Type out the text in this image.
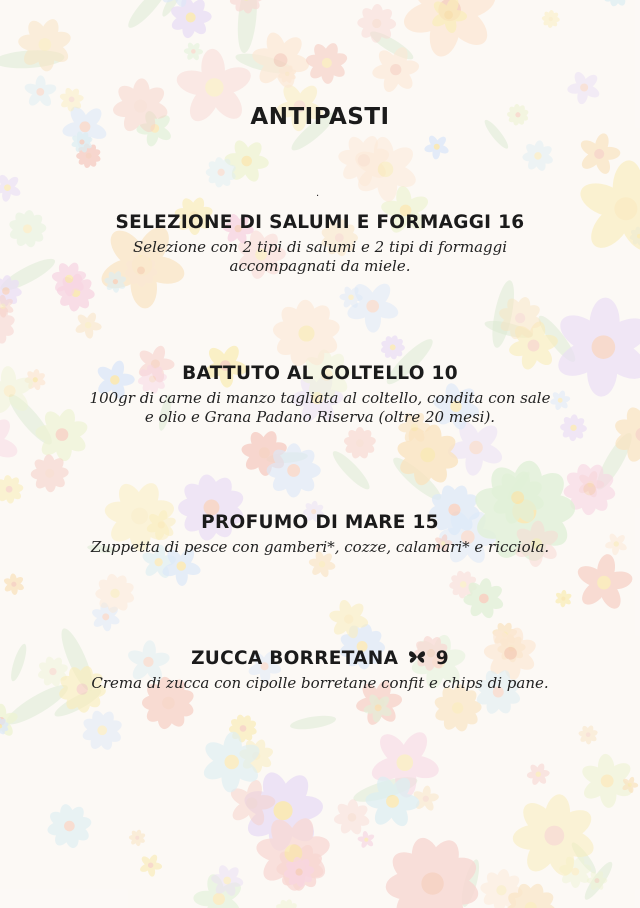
ANTIPASTI
.
SELEZIONE DI SALUMI E FORMAGGI 16
Selezione con 2 tipi di salumi e 2 tipi di formaggi
accompagnati da miele.
BATTUTO AL COLTELLO 10
100gr di carne di manzo tagliata al coltello, condita con sale
e olio e Grana Padano Riserva (oltre 20 mesi).
PROFUMO DI MARE 15
Zuppetta di pesce con gamberi*, cozze, calamari* e ricciola.
ZUCCA BORRETANA 9
Crema di zucca con cipolle borretane confit e chips di pane.
